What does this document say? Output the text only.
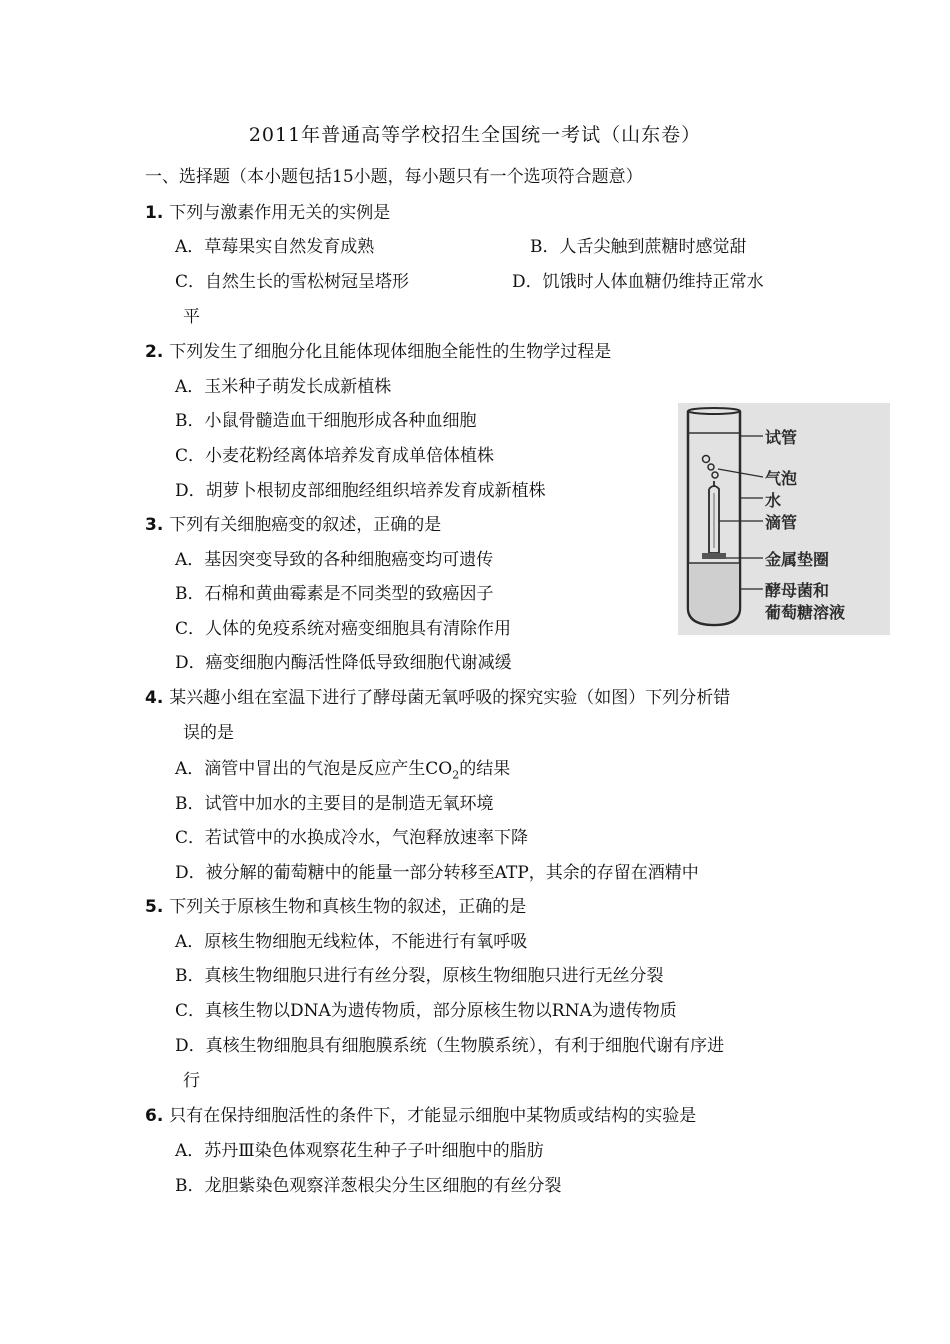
2011年普通高等学校招生全国统一考试（山东卷）
一、选择题（本小题包括15小题，每小题只有一个选项符合题意）
1. 下列与激素作用无关的实例是
A．草莓果实自然发育成熟	B．人舌尖触到蔗糖时感觉甜
C．自然生长的雪松树冠呈塔形	D．饥饿时人体血糖仍维持正常水
平
2. 下列发生了细胞分化且能体现体细胞全能性的生物学过程是
A．玉米种子萌发长成新植株
B．小鼠骨髓造血干细胞形成各种血细胞
C．小麦花粉经离体培养发育成单倍体植株
D．胡萝卜根韧皮部细胞经组织培养发育成新植株
3. 下列有关细胞癌变的叙述，正确的是
A．基因突变导致的各种细胞癌变均可遗传
B．石棉和黄曲霉素是不同类型的致癌因子
C．人体的免疫系统对癌变细胞具有清除作用
D．癌变细胞内酶活性降低导致细胞代谢减缓
4. 某兴趣小组在室温下进行了酵母菌无氧呼吸的探究实验（如图）下列分析错
误的是
A．滴管中冒出的气泡是反应产生$CO_2$的结果
B．试管中加水的主要目的是制造无氧环境
C．若试管中的水换成冷水，气泡释放速率下降
D．被分解的葡萄糖中的能量一部分转移至ATP，其余的存留在酒精中
5. 下列关于原核生物和真核生物的叙述，正确的是
A．原核生物细胞无线粒体，不能进行有氧呼吸
B．真核生物细胞只进行有丝分裂，原核生物细胞只进行无丝分裂
C．真核生物以DNA为遗传物质，部分原核生物以RNA为遗传物质
D．真核生物细胞具有细胞膜系统（生物膜系统），有利于细胞代谢有序进
行
6. 只有在保持细胞活性的条件下，才能显示细胞中某物质或结构的实验是
A．苏丹Ⅲ染色体观察花生种子子叶细胞中的脂肪
B．龙胆紫染色观察洋葱根尖分生区细胞的有丝分裂
试管
气泡
水
滴管
金属垫圈
酵母菌和
葡萄糖溶液
